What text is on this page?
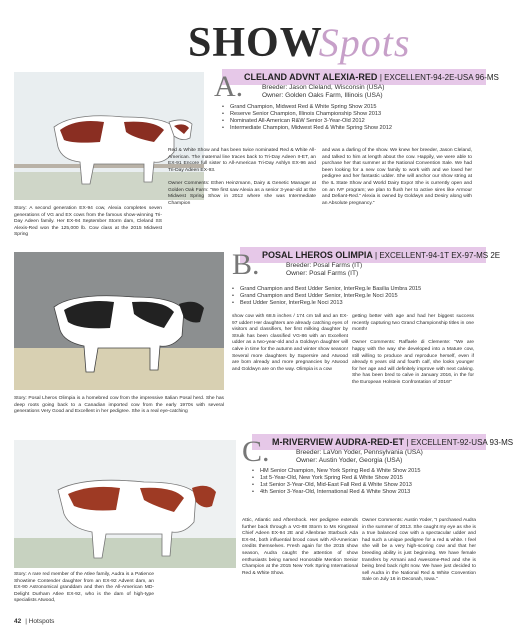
SHOWSpots
A. CLELAND ADVNT ALEXIA-RED | EXCELLENT-94-2E-USA 96-MS
Breeder: Jason Cleland, Wisconsin (USA)
Owner: Golden Oaks Farm, Illinois (USA)
• Grand Champion, Midwest Red & White Spring Show 2015
• Reserve Senior Champion, Illinois Championship Show 2013
• Nominated All-American R&W Senior 3-Year-Old 2012
• Intermediate Champion, Midwest Red & White Spring Show 2012
Story: A second generation EX-94 cow, Alexia completes seven generations of VG and EX cows from the famous show-winning Tri-Day Adeen family. Her EX-94 September Storm dam, Cleland SS Alexis-Red won the 125,000 lb. Cow class at the 2015 Midwest Spring
Red & White Show and has been twice nominated Red & White All-American. The maternal line traces back to Tri-Day Adeen II-ET, an EX-91 Encore full sister to All-American Tri-Day Ashlyn EX-96 and Tri-Day Adeen EX-93.

Owner Comments: Ethen Heinzmann, Dairy & Genetic Manager at Golden Oak Farm: "We first saw Alexia as a senior 3-year-old at the Midwest Spring Show in 2012 where she was Intermediate Champion
and was a darling of the show. We knew her breeder, Jason Cleland, and talked to him at length about the cow. Happily, we were able to purchase her that summer at the National Convention Sale. We had been looking for a new cow family to work with and we loved her pedigree and her fantastic udder. She will anchor our show string at the IL State Show and World Dairy Expo! She is currently open and on an IVF program; we plan to flush her to active sires like Armour and Defiant-Red." Alexia is owned by Goldwyn and Desiry along with an Absolute pregnancy."
B. POSAL LHEROS OLIMPIA | EXCELLENT-94-1T EX-97-MS 2E
Breeder: Posal Farms (IT)
Owner: Posal Farms (IT)
• Grand Champion and Best Udder Senior, InterReg.le Basilia Umbra 2015
• Grand Champion and Best Udder Senior, InterReg.le Noci 2015
• Best Udder Senior, InterReg.le Noci 2013
Story: Posal Lheros Olimpia is a homebred cow from the impressive Italian Posal herd. She has deep roots going back to a Canadian imported cow from the early 1970s with several generations Very Good and Excellent in her pedigree. She is a real eye-catching
show cow with 68.5 inches / 174 cm tall and an EX-97 udder! Her daughters are already catching eyes of visitors and classifiers, her first milking daughter by Struik has been classified VG-86 with an Excellent udder as a two-year-old and a Goldwyn daughter will calve in time for the autumn and winter show season! Several more daughters by Supersire and Atwood are born already and more pregnancies by Atwood and Goldwyn are on the way. Olimpia is a cow
getting better with age and had her biggest success recently capturing two Grand Championship titles in one month!

Owner Comments: Raffaele di Clemente: "We are happy with the way she developed into a Mature cow, still willing to produce and reproduce herself, even if already 6 years old and fourth calf, she looks younger for her age and will definitely improve with next calving. She has been bred to calve in January 2016, in the for the European Holstein Confrontation of 2016!"
C. M-RIVERVIEW AUDRA-RED-ET | EXCELLENT-92-USA 93-MS
Breeder: LaVon Yoder, Pennsylvania (USA)
Owner: Austin Yoder, Georgia (USA)
• HM Senior Champion, New York Spring Red & White Show 2015
• 1st 5-Year-Old, New York Spring Red & White Show 2015
• 1st Senior 3-Year-Old, Mid-East Fall Red & White Show 2013
• 4th Senior 3-Year-Old, International Red & White Show 2013
Story: A rare red member of the Atlee family, Audra is a Patience Showtime Contender daughter from an EX-92 Advent dam, an EX-90 Astronomical granddam and then the All-American MD-Delight Durham Atlee EX-92, who is the dam of high-type specialists Atwood,
Attic, Atlantic and Aftershock. Her pedigree extends further back through a VG-88 Storm to Ms Kingsteal Chief Adeen EX-94 2E and Allenbrae Starbuck Ada EX-94, both influential brood cows with All-American credits themselves. Fresh again for the 2015 show season, Audra caught the attention of show enthusiasts being named Honorable Mention Senior Champion at the 2015 New York Spring International Red & White Show.
Owner Comments: Austin Yoder, "I purchased Audra in the summer of 2013. She caught my eye as she is a true balanced cow with a spectacular udder and had such a unique pedigree for a red & white. I feel she will be a very high-scoring cow and that her breeding ability is just beginning. We have female transfers by Armani and Awesome-Red and she is being bred back right now. We have just decided to sell Audra in the National Red & White Convention Sale on July 16 in Deconah, Iowa."
42 | Hotspots
